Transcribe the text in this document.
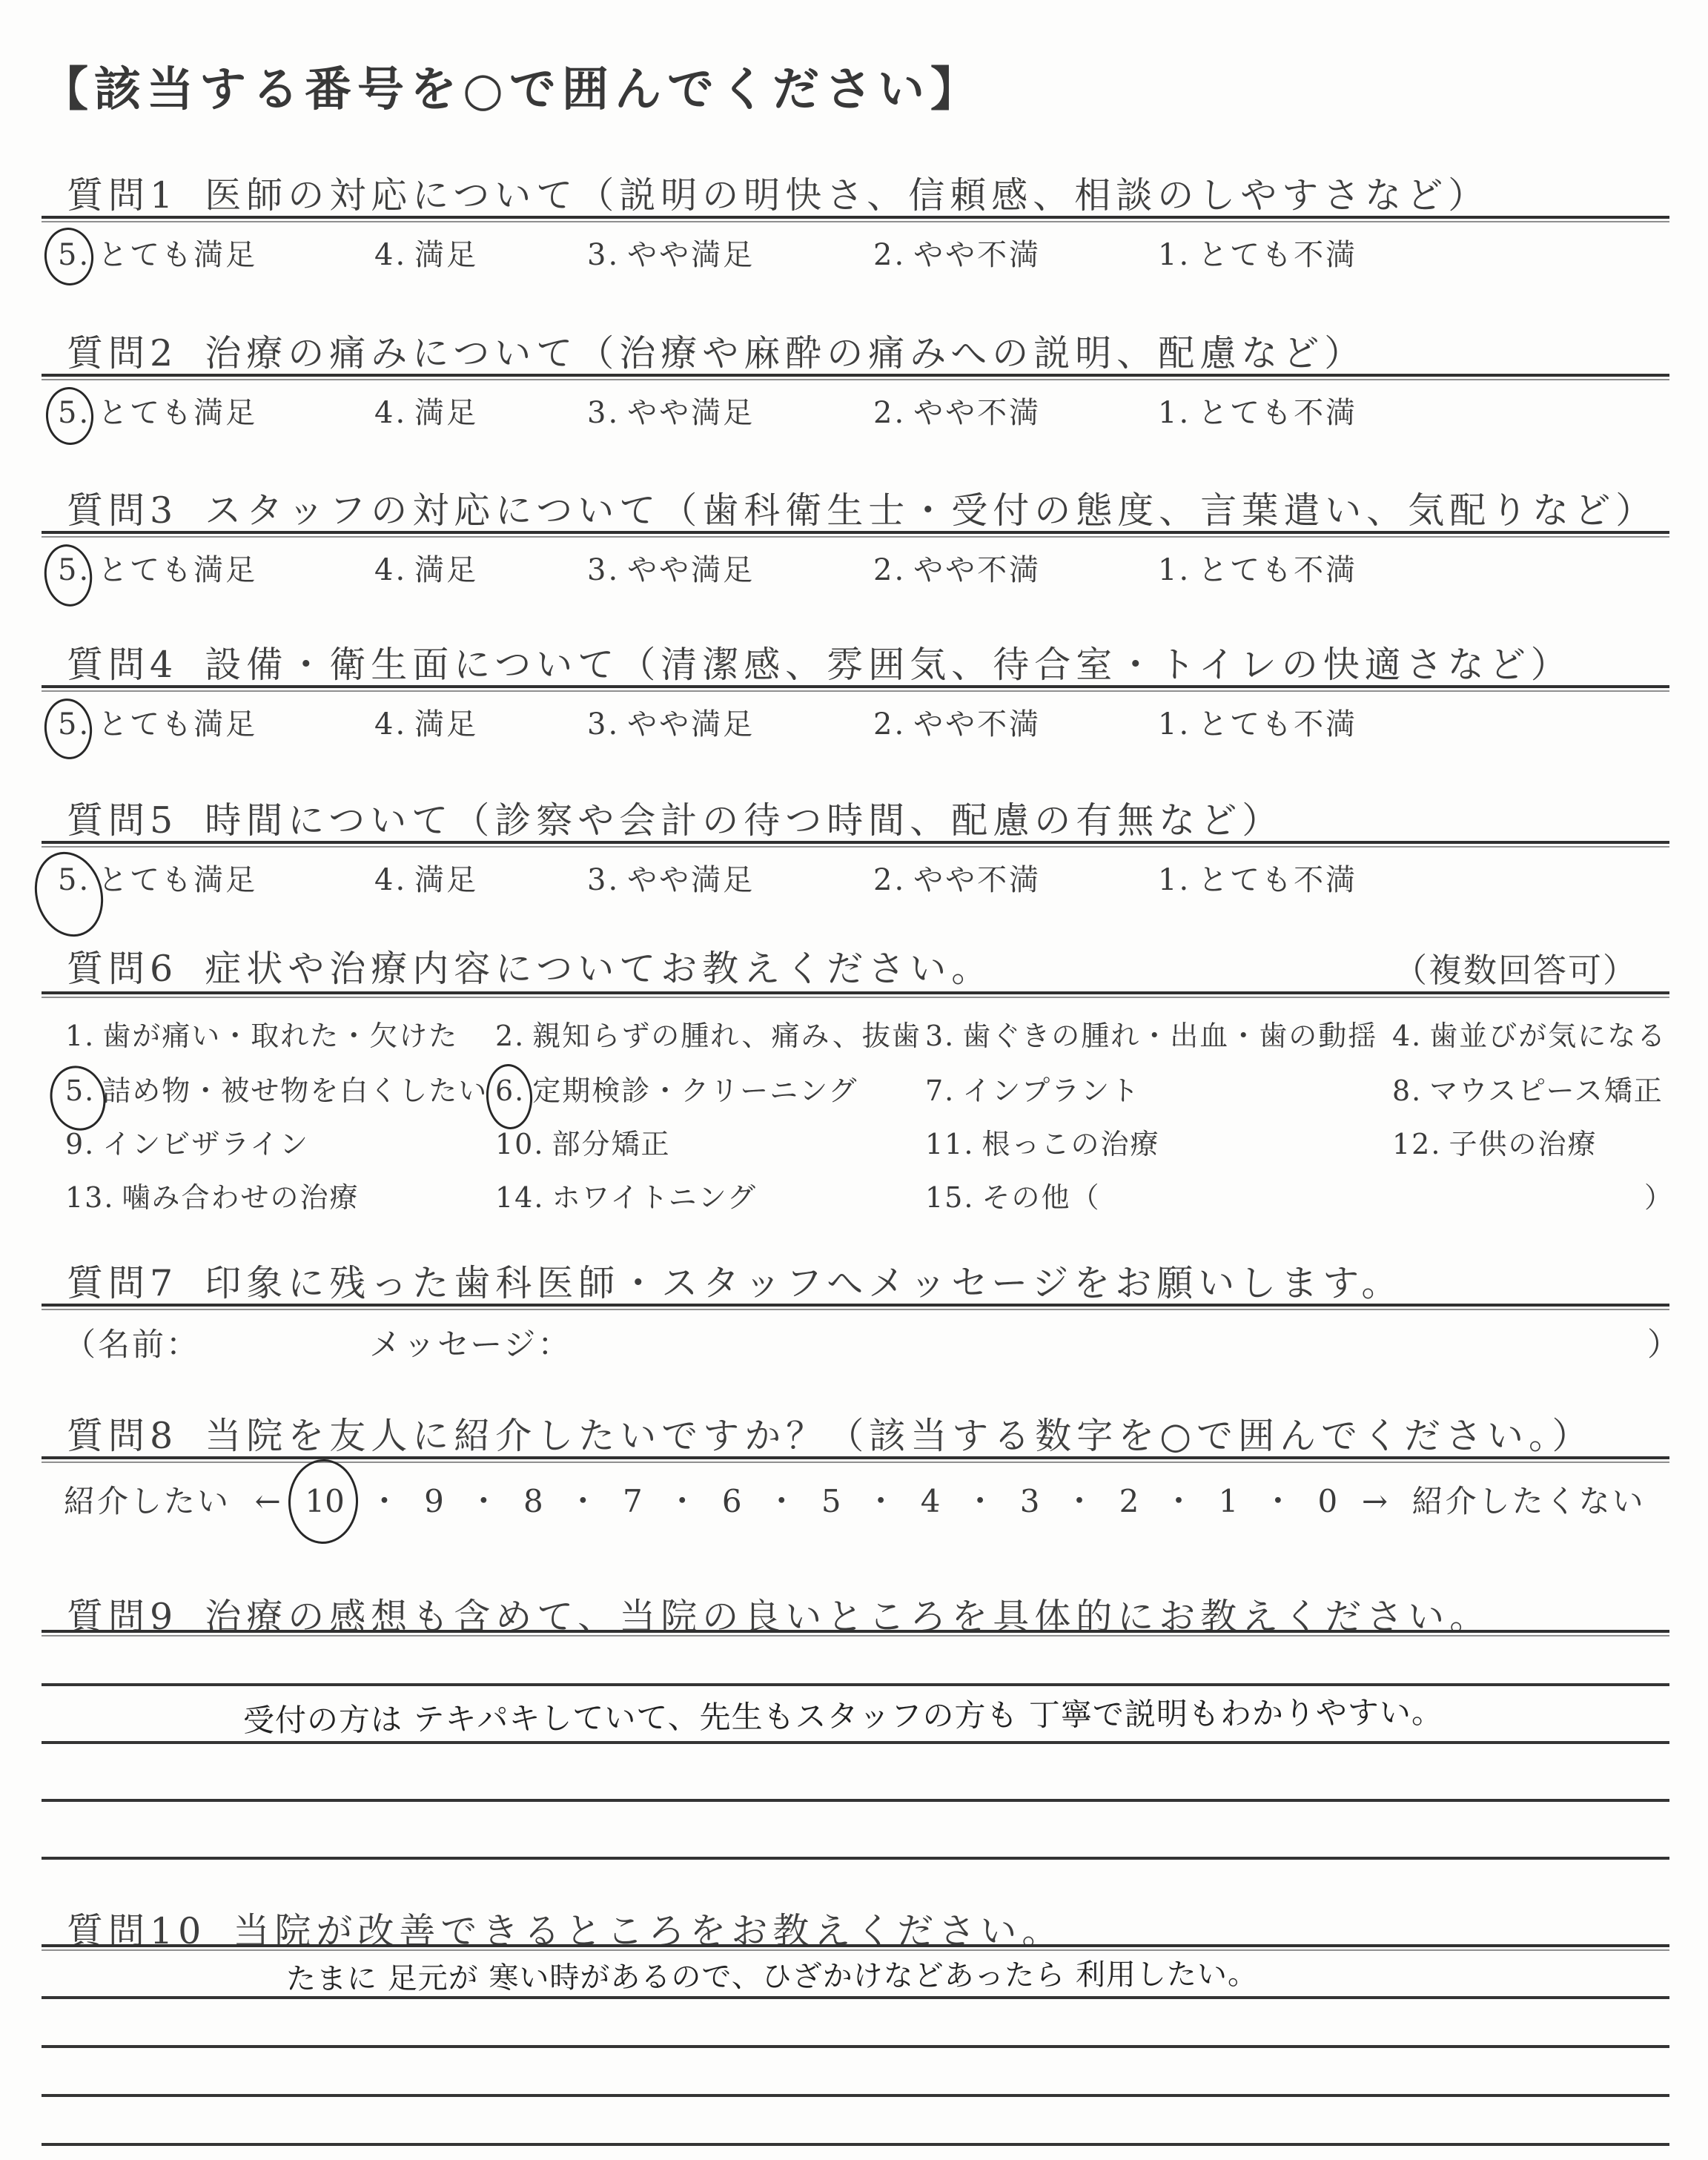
【該当する番号を○で囲んでください】
質問1 医師の対応について（説明の明快さ、信頼感、相談のしやすさなど）
5. とても満足	4. 満足	3. やや満足	2. やや不満	1. とても不満
質問2 治療の痛みについて（治療や麻酔の痛みへの説明、配慮など）
5. とても満足	4. 満足	3. やや満足	2. やや不満	1. とても不満
質問3 スタッフの対応について（歯科衛生士・受付の態度、言葉遣い、気配りなど）
5. とても満足	4. 満足	3. やや満足	2. やや不満	1. とても不満
質問4 設備・衛生面について（清潔感、雰囲気、待合室・トイレの快適さなど）
5. とても満足	4. 満足	3. やや満足	2. やや不満	1. とても不満
質問5 時間について（診察や会計の待つ時間、配慮の有無など）
5. とても満足	4. 満足	3. やや満足	2. やや不満	1. とても不満
質問6 症状や治療内容についてお教えください。	（複数回答可）
1. 歯が痛い・取れた・欠けた 2. 親知らずの腫れ、痛み、抜歯 3. 歯ぐきの腫れ・出血・歯の動揺 4. 歯並びが気になる
5. 詰め物・被せ物を白くしたい 6. 定期検診・クリーニング 7. インプラント	8. マウスピース矯正
9. インビザライン	10. 部分矯正	11. 根っこの治療	12. 子供の治療
13. 噛み合わせの治療	14. ホワイトニング	15. その他（	）
質問7 印象に残った歯科医師・スタッフへメッセージをお願いします。
（名前：	メッセージ：	）
質問8 当院を友人に紹介したいですか？（該当する数字を○で囲んでください。）
紹介したい ← 10 ・ 9 ・ 8 ・ 7 ・ 6 ・ 5 ・ 4 ・ 3 ・ 2 ・ 1 ・ 0 → 紹介したくない
質問9 治療の感想も含めて、当院の良いところを具体的にお教えください。
受付の方は テキパキしていて、先生もスタッフの方も 丁寧で説明もわかりやすい。
質問10 当院が改善できるところをお教えください。
たまに 足元が 寒い時があるので、ひざかけなどあったら 利用したい。
